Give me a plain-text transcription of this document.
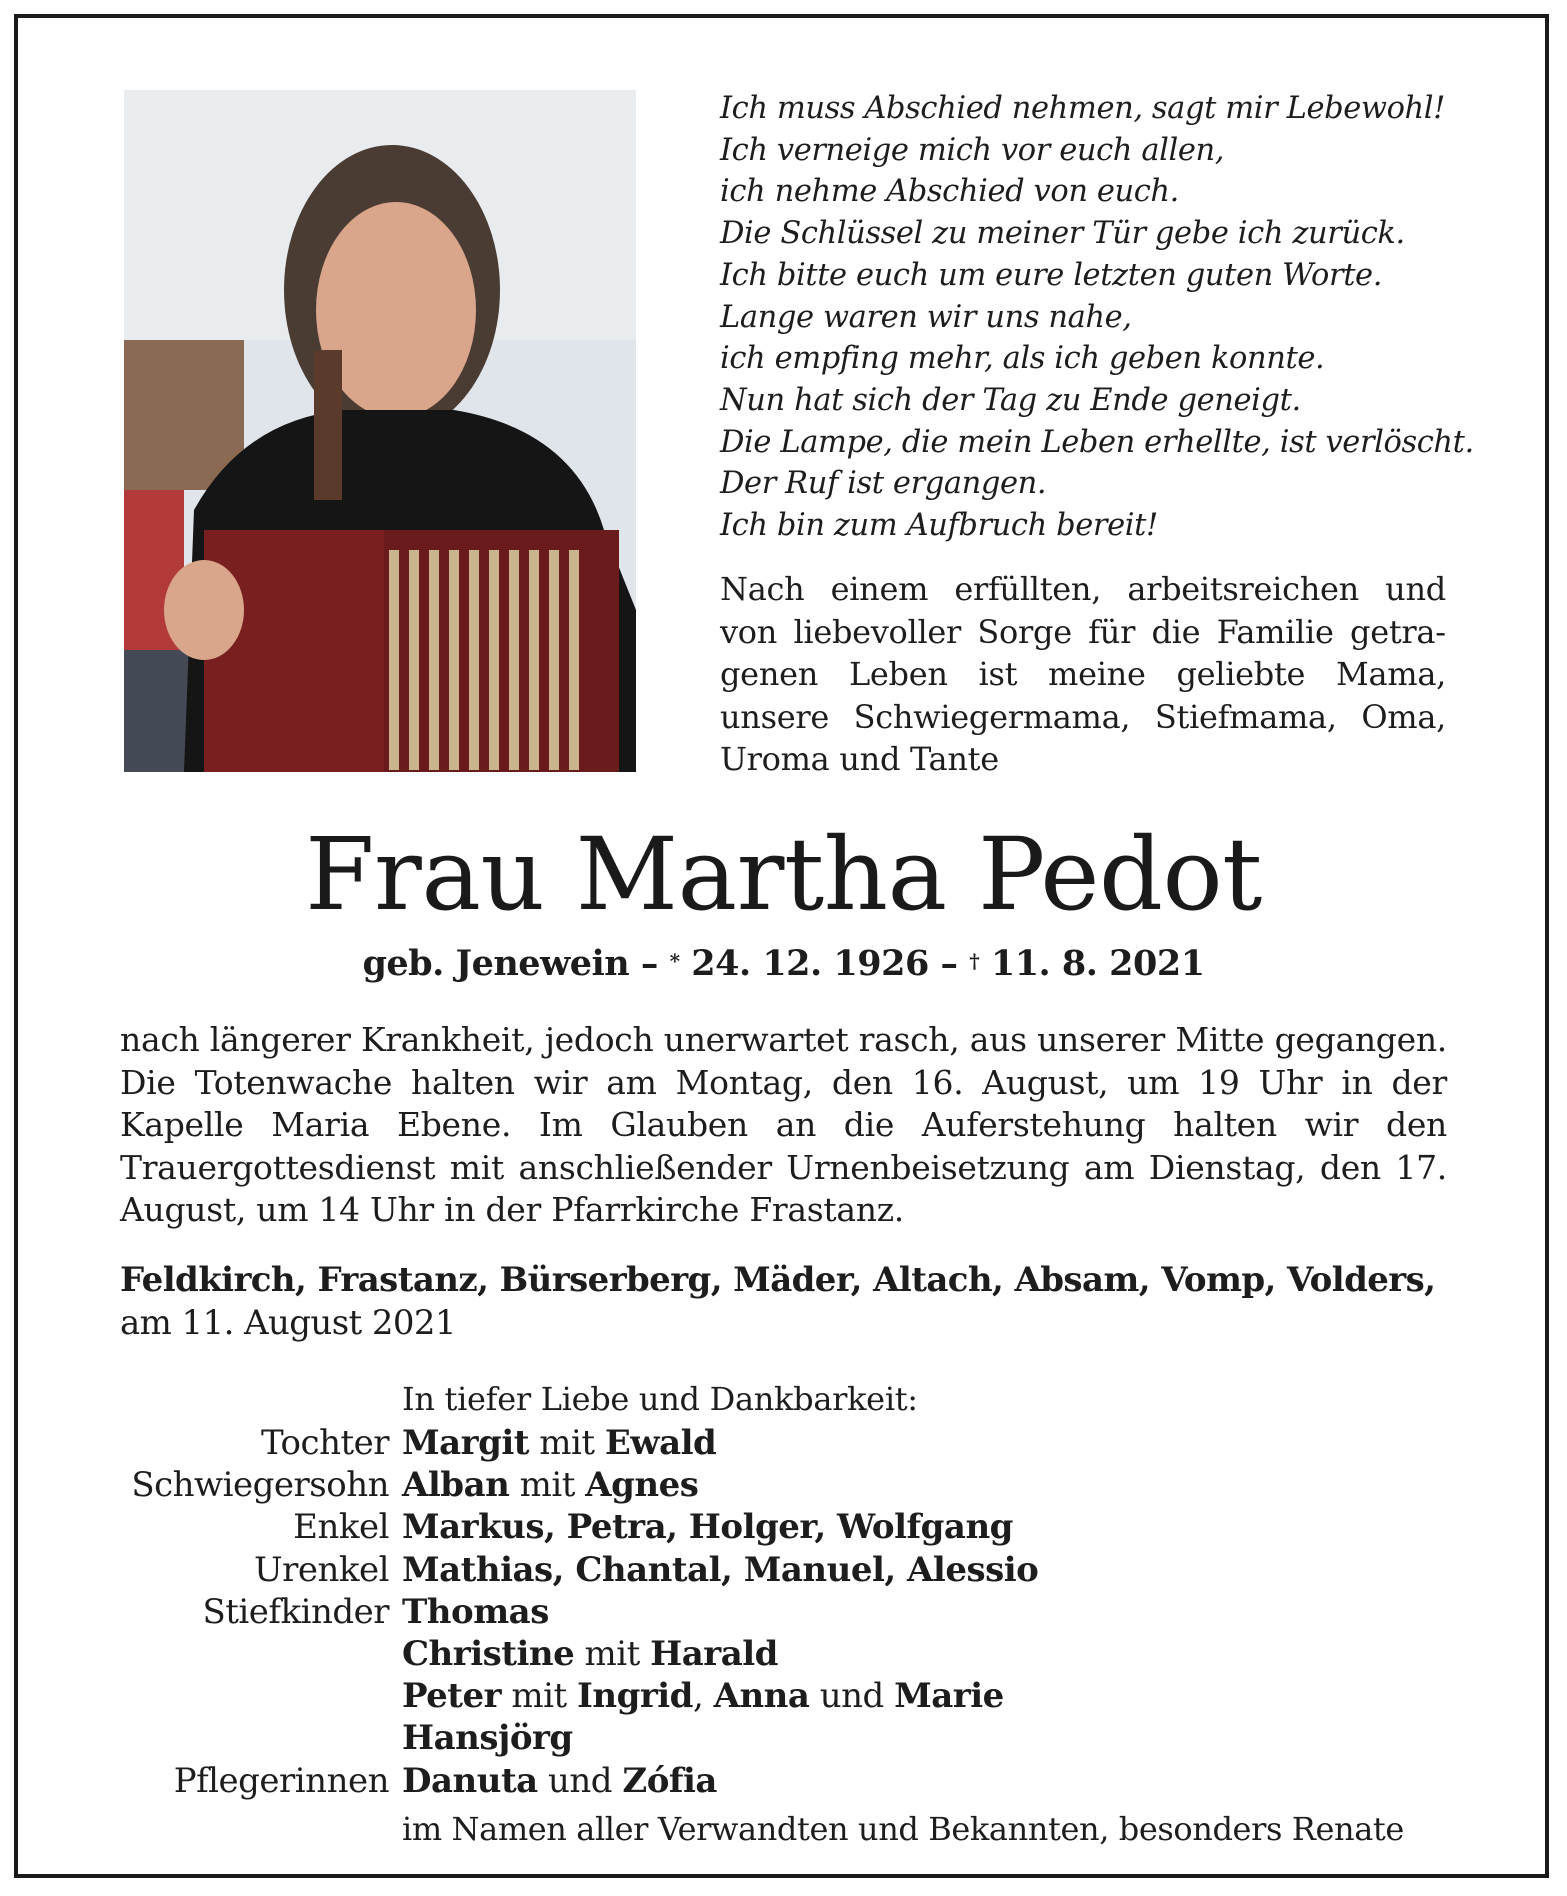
Ich muss Abschied nehmen, sagt mir Lebewohl!
Ich verneige mich vor euch allen,
ich nehme Abschied von euch.
Die Schlüssel zu meiner Tür gebe ich zurück.
Ich bitte euch um eure letzten guten Worte.
Lange waren wir uns nahe,
ich empfing mehr, als ich geben konnte.
Nun hat sich der Tag zu Ende geneigt.
Die Lampe, die mein Leben erhellte, ist verlöscht.
Der Ruf ist ergangen.
Ich bin zum Aufbruch bereit!
Nach einem erfüllten, arbeitsreichen und von liebevoller Sorge für die Familie getragenen Leben ist meine geliebte Mama, unsere Schwiegermama, Stiefmama, Oma, Uroma und Tante
Frau Martha Pedot
geb. Jenewein – * 24. 12. 1926 – † 11. 8. 2021
nach längerer Krankheit, jedoch unerwartet rasch, aus unserer Mitte gegangen. Die Totenwache halten wir am Montag, den 16. August, um 19 Uhr in der Kapelle Maria Ebene. Im Glauben an die Auferstehung halten wir den Trauergottesdienst mit anschließender Urnenbeisetzung am Dienstag, den 17. August, um 14 Uhr in der Pfarrkirche Frastanz.
Feldkirch, Frastanz, Bürserberg, Mäder, Altach, Absam, Vomp, Volders, am 11. August 2021
In tiefer Liebe und Dankbarkeit:
Tochter Margit mit Ewald
Schwiegersohn Alban mit Agnes
Enkel Markus, Petra, Holger, Wolfgang
Urenkel Mathias, Chantal, Manuel, Alessio
Stiefkinder Thomas
Christine mit Harald
Peter mit Ingrid, Anna und Marie
Hansjörg
Pflegerinnen Danuta und Zófia
im Namen aller Verwandten und Bekannten, besonders Renate
